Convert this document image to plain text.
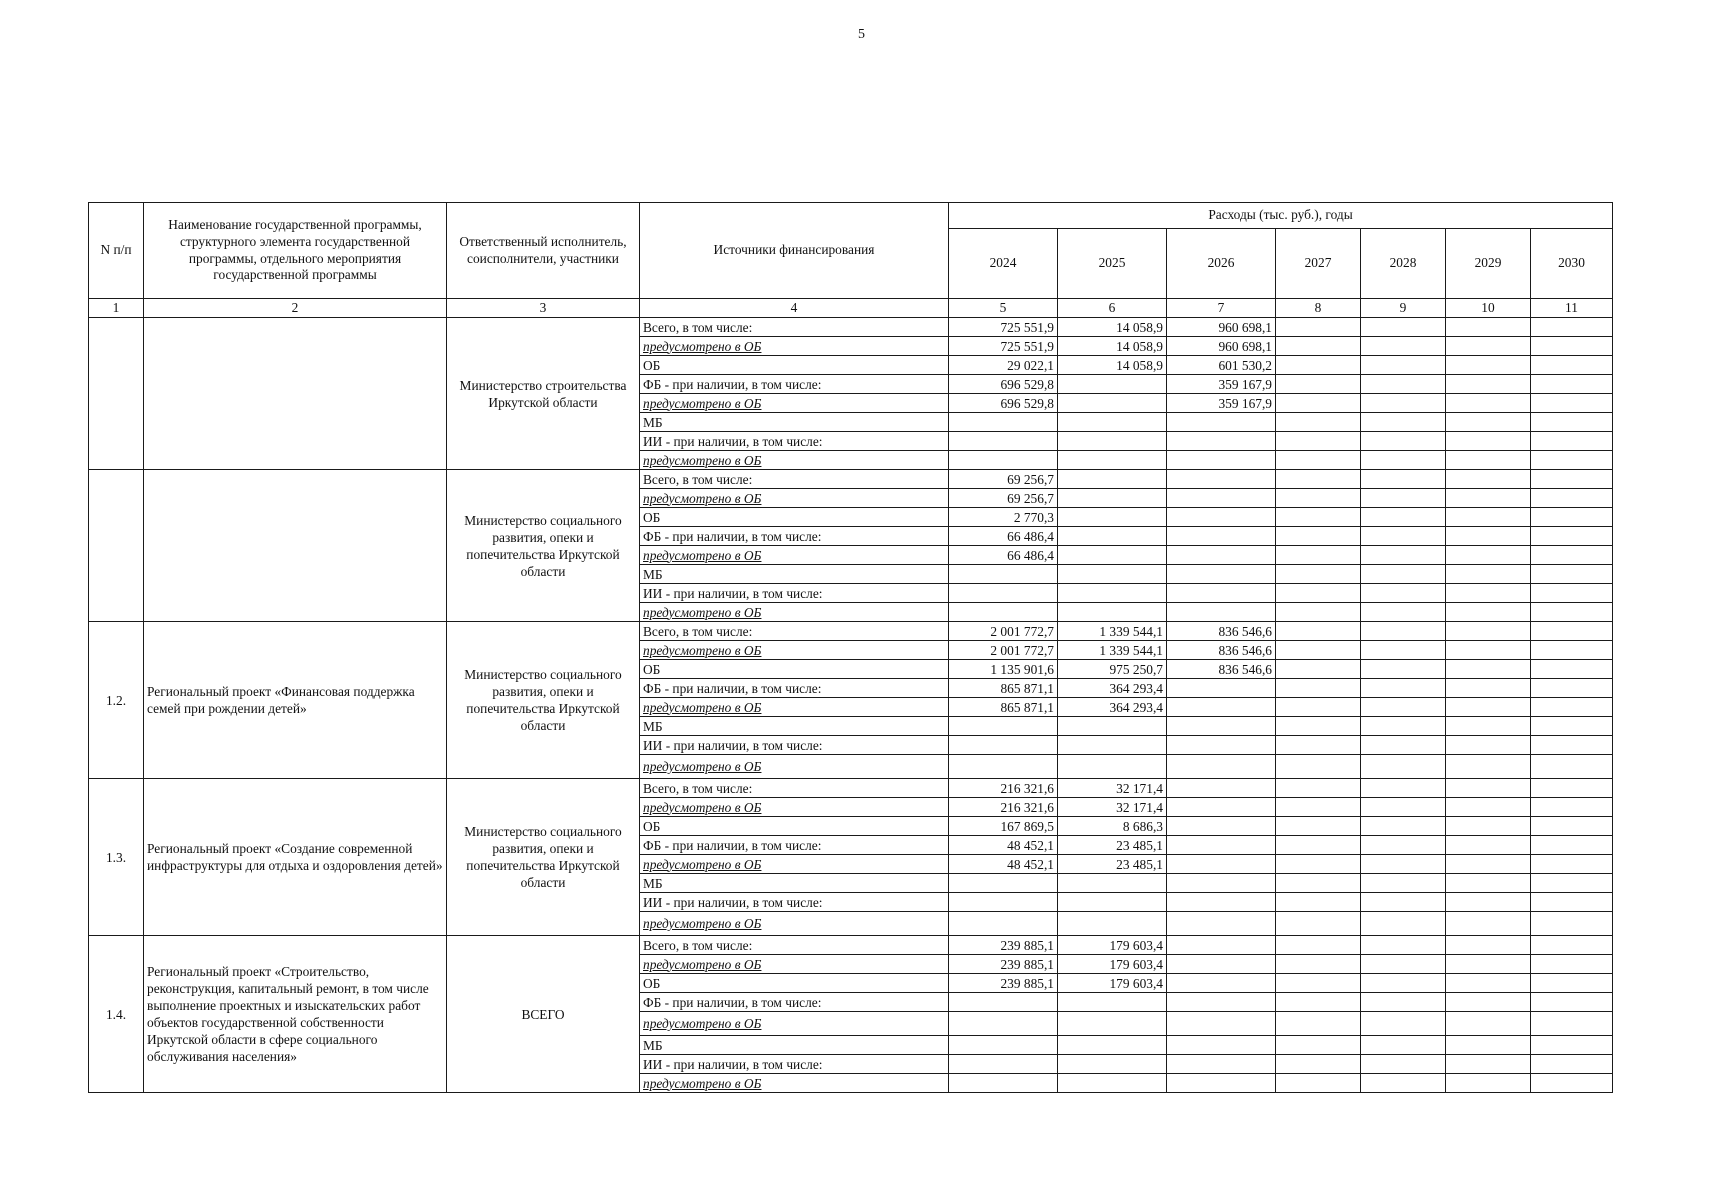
5
N п/п	Наименование государственной программы, структурного элемента государственной программы, отдельного мероприятия государственной программы	Ответственный исполнитель, соисполнители, участники	Источники финансирования	Расходы (тыс. руб.), годы						
				2024	2025	2026	2027	2028	2029	2030
1	2	3	4	5	6	7	8	9	10	11
		Министерство строительства Иркутской области	Всего, в том числе:	725 551,9	14 058,9	960 698,1				
			предусмотрено в ОБ	725 551,9	14 058,9	960 698,1				
			ОБ	29 022,1	14 058,9	601 530,2				
			ФБ - при наличии, в том числе:	696 529,8		359 167,9				
			предусмотрено в ОБ	696 529,8		359 167,9				
			МБ							
			ИИ - при наличии, в том числе:							
			предусмотрено в ОБ							
		Министерство социального развития, опеки и попечительства Иркутской области	Всего, в том числе:	69 256,7						
			предусмотрено в ОБ	69 256,7						
			ОБ	2 770,3						
			ФБ - при наличии, в том числе:	66 486,4						
			предусмотрено в ОБ	66 486,4						
			МБ							
			ИИ - при наличии, в том числе:							
			предусмотрено в ОБ							
1.2.	Региональный проект «Финансовая поддержка семей при рождении детей»	Министерство социального развития, опеки и попечительства Иркутской области	Всего, в том числе:	2 001 772,7	1 339 544,1	836 546,6				
			предусмотрено в ОБ	2 001 772,7	1 339 544,1	836 546,6				
			ОБ	1 135 901,6	975 250,7	836 546,6				
			ФБ - при наличии, в том числе:	865 871,1	364 293,4					
			предусмотрено в ОБ	865 871,1	364 293,4					
			МБ							
			ИИ - при наличии, в том числе:							
			предусмотрено в ОБ							
1.3.	Региональный проект «Создание современной инфраструктуры для отдыха и оздоровления детей»	Министерство социального развития, опеки и попечительства Иркутской области	Всего, в том числе:	216 321,6	32 171,4					
			предусмотрено в ОБ	216 321,6	32 171,4					
			ОБ	167 869,5	8 686,3					
			ФБ - при наличии, в том числе:	48 452,1	23 485,1					
			предусмотрено в ОБ	48 452,1	23 485,1					
			МБ							
			ИИ - при наличии, в том числе:							
			предусмотрено в ОБ							
1.4.	Региональный проект «Строительство, реконструкция, капитальный ремонт, в том числе выполнение проектных и изыскательских работ объектов государственной собственности Иркутской области в сфере социального обслуживания населения»	ВСЕГО	Всего, в том числе:	239 885,1	179 603,4					
			предусмотрено в ОБ	239 885,1	179 603,4					
			ОБ	239 885,1	179 603,4					
			ФБ - при наличии, в том числе:							
			предусмотрено в ОБ							
			МБ							
			ИИ - при наличии, в том числе:							
			предусмотрено в ОБ							
